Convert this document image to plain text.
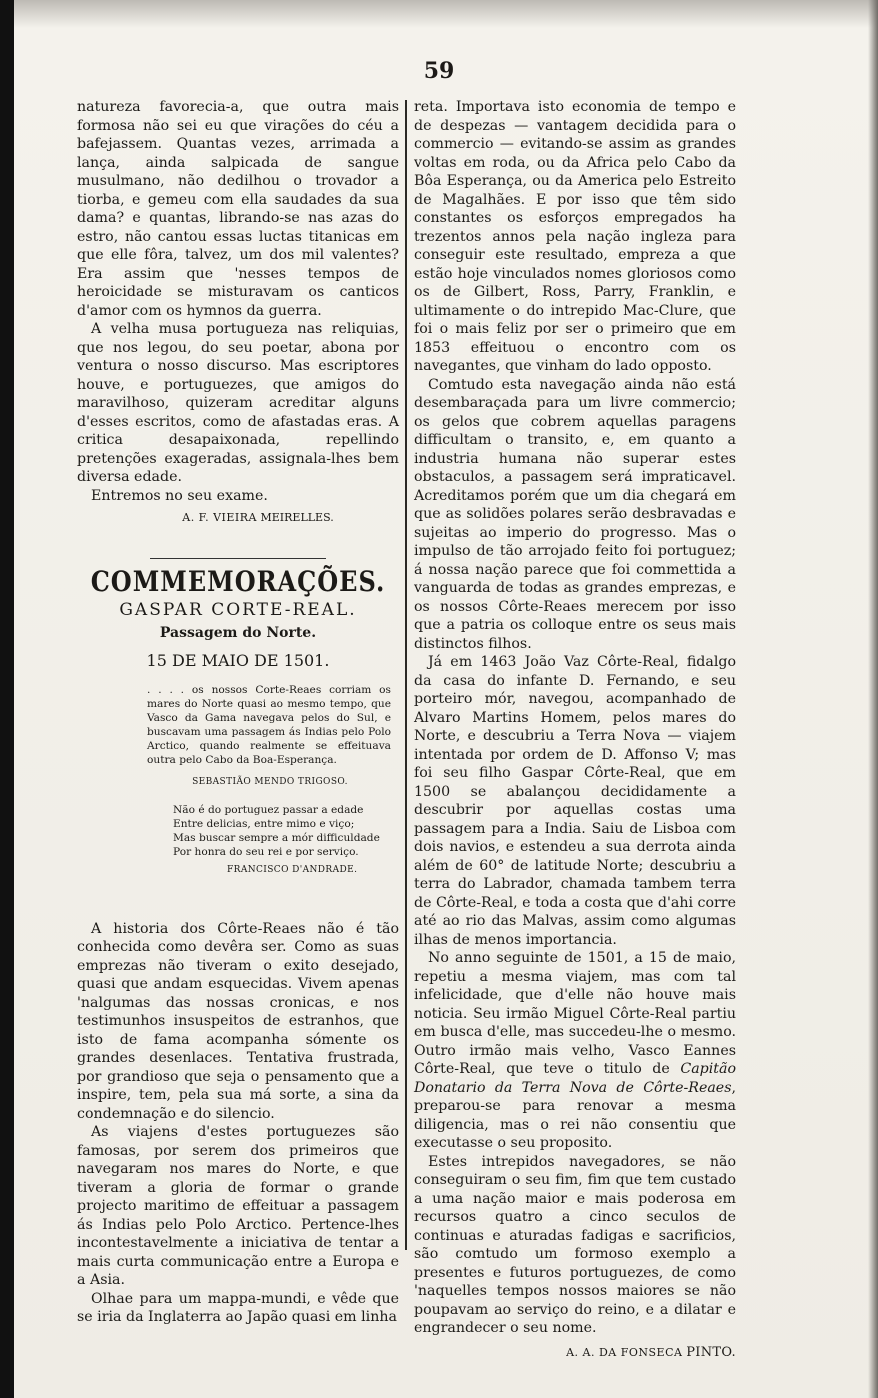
59

natureza favorecia-a, que outra mais formosa não sei eu que virações do céu a bafejassem. Quantas vezes, arrimada a lança, ainda salpicada de sangue musulmano, não dedilhou o trovador a tiorba, e gemeu com ella saudades da sua dama? e quantas, librando-se nas azas do estro, não cantou essas luctas titanicas em que elle fôra, talvez, um dos mil valentes? Era assim que 'nesses tempos de heroicidade se misturavam os canticos d'amor com os hymnos da guerra.

A velha musa portugueza nas reliquias, que nos legou, do seu poetar, abona por ventura o nosso discurso. Mas escriptores houve, e portuguezes, que amigos do maravilhoso, quizeram acreditar alguns d'esses escritos, como de afastadas eras. A critica desapaixonada, repellindo pretenções exageradas, assignala-lhes bem diversa edade.

Entremos no seu exame.

A. F. VIEIRA MEIRELLES.
COMMEMORAÇÕES.
GASPAR CORTE-REAL.
Passagem do Norte.
15 DE MAIO DE 1501.
. . . . os nossos Corte-Reaes corriam os mares do Norte quasi ao mesmo tempo, que Vasco da Gama navegava pelos do Sul, e buscavam uma passagem ás Indias pelo Polo Arctico, quando realmente se effeituava outra pelo Cabo da Boa-Esperança.
SEBASTIÃO MENDO TRIGOSO.
Não é do portuguez passar a edade
Entre delicias, entre mimo e viço;
Mas buscar sempre a mór difficuldade
Por honra do seu rei e por serviço.
FRANCISCO D'ANDRADE.

A historia dos Côrte-Reaes não é tão conhecida como devêra ser. Como as suas emprezas não tiveram o exito desejado, quasi que andam esquecidas. Vivem apenas 'nalgumas das nossas cronicas, e nos testimunhos insuspeitos de estranhos, que isto de fama acompanha sómente os grandes desenlaces. Tentativa frustrada, por grandioso que seja o pensamento que a inspire, tem, pela sua má sorte, a sina da condemnação e do silencio.

As viajens d'estes portuguezes são famosas, por serem dos primeiros que navegaram nos mares do Norte, e que tiveram a gloria de formar o grande projecto maritimo de effeituar a passagem ás Indias pelo Polo Arctico. Pertence-lhes incontestavelmente a iniciativa de tentar a mais curta communicação entre a Europa e a Asia.

Olhae para um mappa-mundi, e vêde que se iria da Inglaterra ao Japão quasi em linha

reta. Importava isto economia de tempo e de despezas — vantagem decidida para o commercio — evitando-se assim as grandes voltas em roda, ou da Africa pelo Cabo da Bôa Esperança, ou da America pelo Estreito de Magalhães. E por isso que têm sido constantes os esforços empregados ha trezentos annos pela nação ingleza para conseguir este resultado, empreza a que estão hoje vinculados nomes gloriosos como os de Gilbert, Ross, Parry, Franklin, e ultimamente o do intrepido Mac-Clure, que foi o mais feliz por ser o primeiro que em 1853 effeituou o encontro com os navegantes, que vinham do lado opposto.

Comtudo esta navegação ainda não está desembaraçada para um livre commercio; os gelos que cobrem aquellas paragens difficultam o transito, e, em quanto a industria humana não superar estes obstaculos, a passagem será impraticavel. Acreditamos porém que um dia chegará em que as solidões polares serão desbravadas e sujeitas ao imperio do progresso. Mas o impulso de tão arrojado feito foi portuguez; á nossa nação parece que foi commettida a vanguarda de todas as grandes emprezas, e os nossos Côrte-Reaes merecem por isso que a patria os colloque entre os seus mais distinctos filhos.

Já em 1463 João Vaz Côrte-Real, fidalgo da casa do infante D. Fernando, e seu porteiro mór, navegou, acompanhado de Alvaro Martins Homem, pelos mares do Norte, e descubriu a Terra Nova — viajem intentada por ordem de D. Affonso V; mas foi seu filho Gaspar Côrte-Real, que em 1500 se abalançou decididamente a descubrir por aquellas costas uma passagem para a India. Saiu de Lisboa com dois navios, e estendeu a sua derrota ainda além de 60° de latitude Norte; descubriu a terra do Labrador, chamada tambem terra de Côrte-Real, e toda a costa que d'ahi corre até ao rio das Malvas, assim como algumas ilhas de menos importancia.

No anno seguinte de 1501, a 15 de maio, repetiu a mesma viajem, mas com tal infelicidade, que d'elle não houve mais noticia. Seu irmão Miguel Côrte-Real partiu em busca d'elle, mas succedeu-lhe o mesmo. Outro irmão mais velho, Vasco Eannes Côrte-Real, que teve o titulo de Capitão Donatario da Terra Nova de Côrte-Reaes, preparou-se para renovar a mesma diligencia, mas o rei não consentiu que executasse o seu proposito.

Estes intrepidos navegadores, se não conseguiram o seu fim, fim que tem custado a uma nação maior e mais poderosa em recursos quatro a cinco seculos de continuas e aturadas fadigas e sacrificios, são comtudo um formoso exemplo a presentes e futuros portuguezes, de como 'naquelles tempos nossos maiores se não poupavam ao serviço do reino, e a dilatar e engrandecer o seu nome.

A. A. DA FONSECA PINTO.
